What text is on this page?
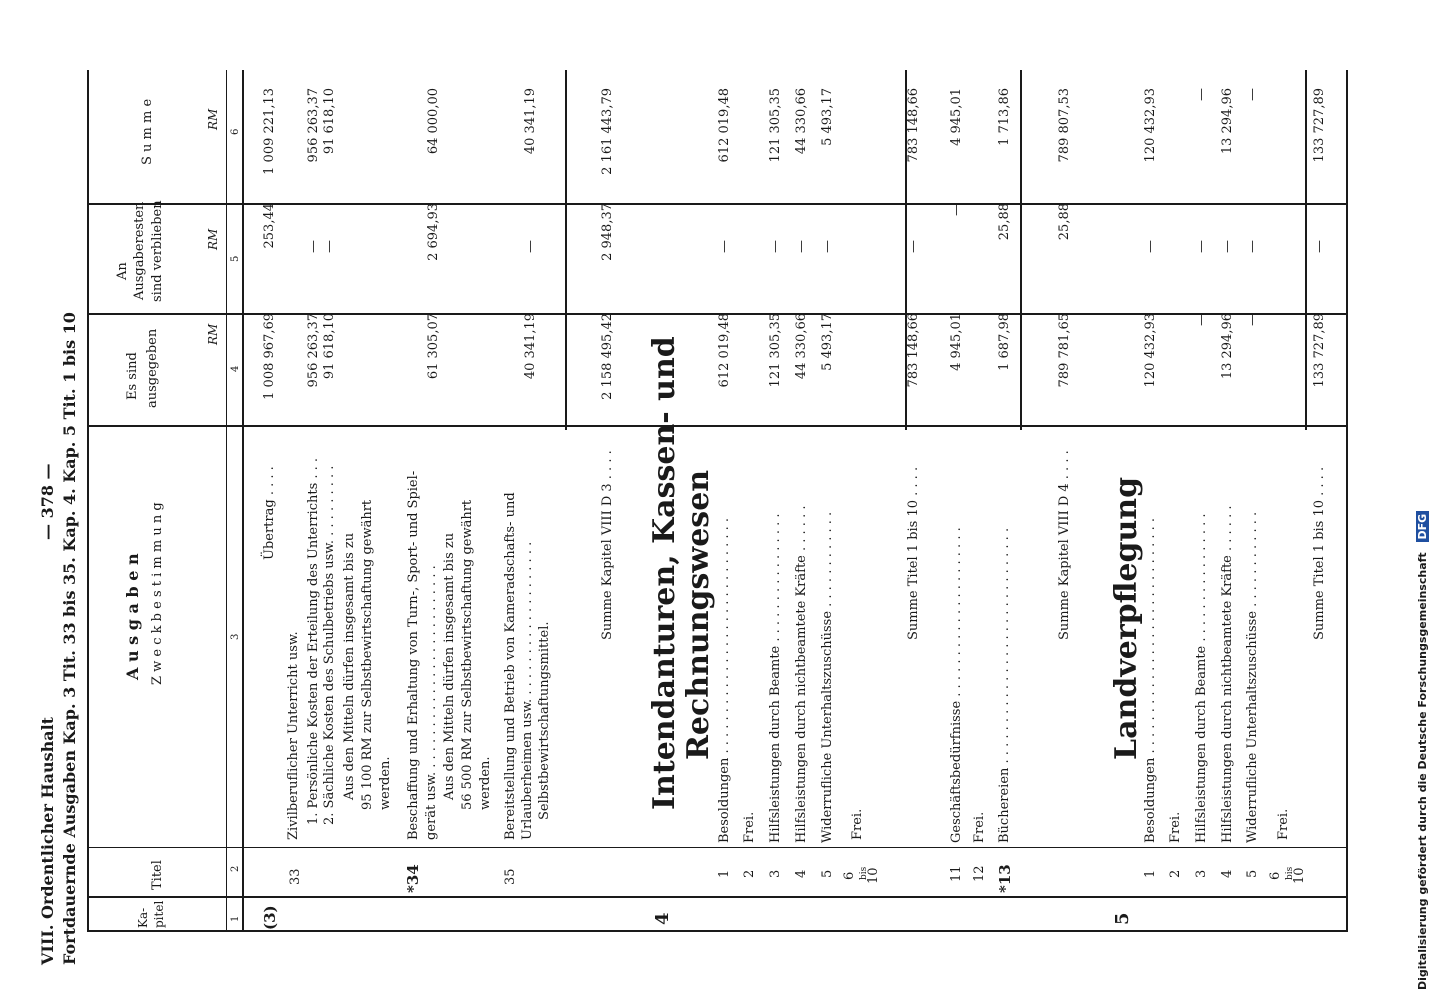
VIII. Ordentlicher Haushalt Fortdauernde Ausgaben Kap. 3 Tit. 33 bis 35. Kap. 4. Kap. 5 Tit. 1 bis 10
— 378 —
Ka-
pitel
Titel
A u s g a b e n Z w e c k b e s t i m m u n g
Es sind ausgegeben
An Ausgaberesten sind verblieben
S u m m e
RM
RM
RM
1
2
3
4
5
6
(3)
Übertrag . . . .
1 008 967,69
253,44
1 009 221,13
33
Zivilberuflicher Unterricht usw. 1. Persönliche Kosten der Erteilung des Unterrichts . . . 2. Sächliche Kosten des Schulbetriebs usw. . . . . . . . . . Aus den Mitteln dürfen insgesamt bis zu 95 100 RM zur Selbstbewirtschaftung gewährt werden.
956 263,37
—
956 263,37
91 618,10
—
91 618,10
*34
Beschaffung und Erhaltung von Turn-, Sport- und Spiel- gerät usw. . . . . . . . . . . . . . . . . . . . . . . . . . Aus den Mitteln dürfen insgesamt bis zu 56 500 RM zur Selbstbewirtschaftung gewährt werden.
61 305,07
2 694,93
64 000,00
35
Bereitstellung und Betrieb von Kameradschafts- und Urlauberheimen usw. . . . . . . . . . . . . . . . . . . . Selbstbewirtschaftungsmittel.
40 341,19
—
40 341,19
Summe Kapitel VIII D 3 . . . .
2 158 495,42
2 948,37
2 161 443,79
4
Intendanturen, Kassen- und Rechnungswesen
1
Besoldungen . . . . . . . . . . . . . . . . . . . . . . . . . . . . .
612 019,48
—
612 019,48
2
Frei.
3
Hilfsleistungen durch Beamte . . . . . . . . . . . . . . . .
121 305,35
—
121 305,35
4
Hilfsleistungen durch nichtbeamtete Kräfte . . . . . .
44 330,66
—
44 330,66
5
Widerrufliche Unterhaltszuschüsse . . . . . . . . . . . .
5 493,17
—
5 493,17
6 bis
10
Frei.
Summe Titel 1 bis 10 . . . .
783 148,66
—
783 148,66
11
Geschäftsbedürfnisse . . . . . . . . . . . . . . . . . . . . .
4 945,01
—
4 945,01
12
Frei.
*13
Büchereien . . . . . . . . . . . . . . . . . . . . . . . . . . . . .
1 687,98
25,88
1 713,86
Summe Kapitel VIII D 4 . . . .
789 781,65
25,88
789 807,53
5
Landverpflegung
1
Besoldungen . . . . . . . . . . . . . . . . . . . . . . . . . . . . .
120 432,93
—
120 432,93
2
Frei.
3
Hilfsleistungen durch Beamte . . . . . . . . . . . . . . . .
—
—
—
4
Hilfsleistungen durch nichtbeamtete Kräfte . . . . . .
13 294,96
—
13 294,96
5
Widerrufliche Unterhaltszuschüsse . . . . . . . . . . . .
—
—
—
6 bis
10
Frei.
Summe Titel 1 bis 10 . . . .
133 727,89
—
133 727,89
Digitalisierung gefördert durch die Deutsche Forschungsgemeinschaft DFG
